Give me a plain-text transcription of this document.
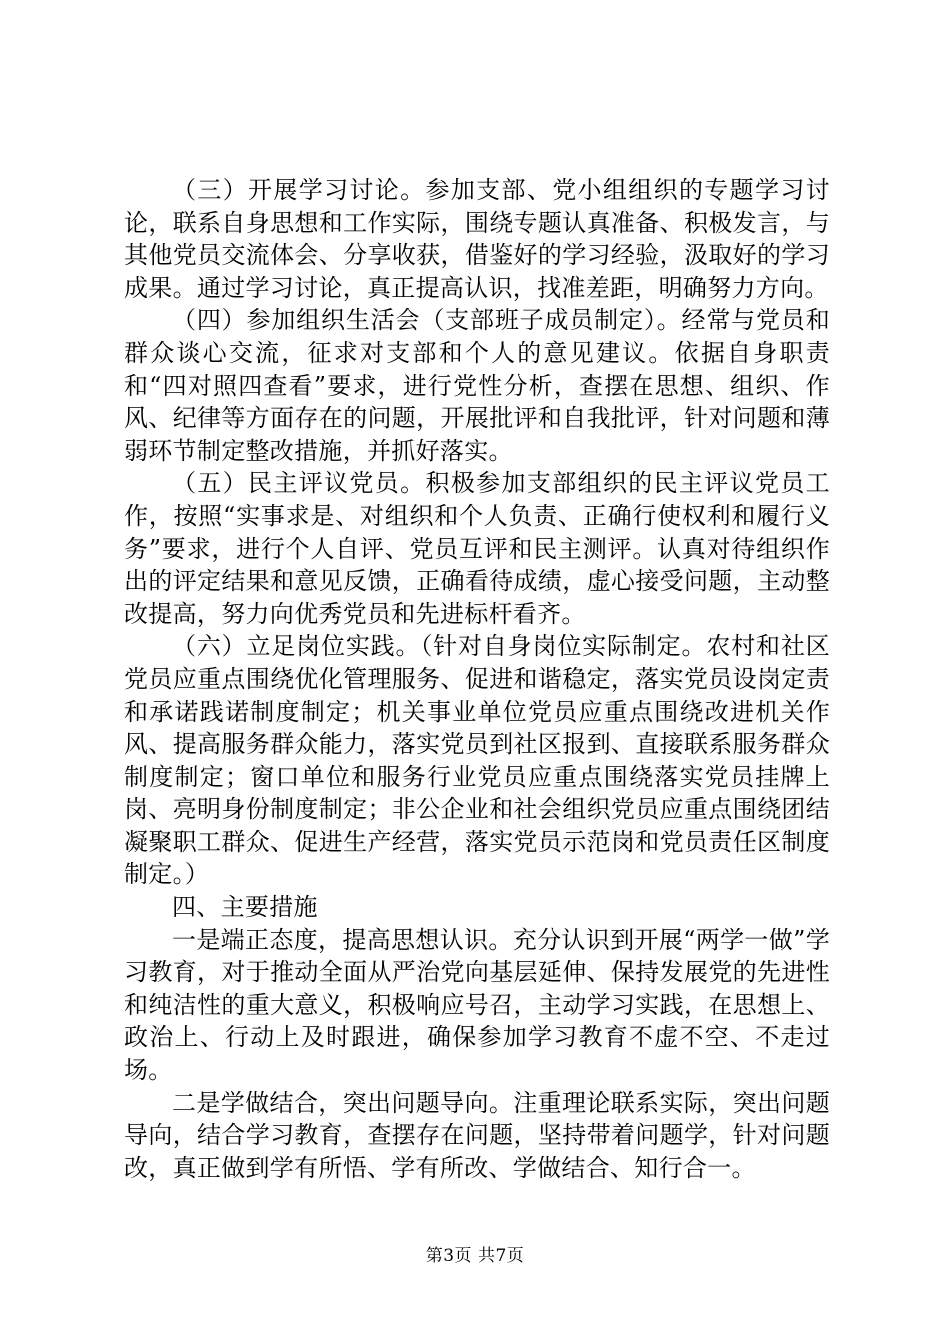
（三）开展学习讨论。参加支部、党小组组织的专题学习讨论，联系自身思想和工作实际，围绕专题认真准备、积极发言，与其他党员交流体会、分享收获，借鉴好的学习经验，汲取好的学习成果。通过学习讨论，真正提高认识，找准差距，明确努力方向。

（四）参加组织生活会（支部班子成员制定）。经常与党员和群众谈心交流，征求对支部和个人的意见建议。依据自身职责和“四对照四查看”要求，进行党性分析，查摆在思想、组织、作风、纪律等方面存在的问题，开展批评和自我批评，针对问题和薄弱环节制定整改措施，并抓好落实。

（五）民主评议党员。积极参加支部组织的民主评议党员工作，按照“实事求是、对组织和个人负责、正确行使权利和履行义务”要求，进行个人自评、党员互评和民主测评。认真对待组织作出的评定结果和意见反馈，正确看待成绩，虚心接受问题，主动整改提高，努力向优秀党员和先进标杆看齐。

（六）立足岗位实践。（针对自身岗位实际制定。农村和社区党员应重点围绕优化管理服务、促进和谐稳定，落实党员设岗定责和承诺践诺制度制定；机关事业单位党员应重点围绕改进机关作风、提高服务群众能力，落实党员到社区报到、直接联系服务群众制度制定；窗口单位和服务行业党员应重点围绕落实党员挂牌上岗、亮明身份制度制定；非公企业和社会组织党员应重点围绕团结凝聚职工群众、促进生产经营，落实党员示范岗和党员责任区制度制定。）

四、主要措施

一是端正态度，提高思想认识。充分认识到开展“两学一做”学习教育，对于推动全面从严治党向基层延伸、保持发展党的先进性和纯洁性的重大意义，积极响应号召，主动学习实践，在思想上、政治上、行动上及时跟进，确保参加学习教育不虚不空、不走过场。

二是学做结合，突出问题导向。注重理论联系实际，突出问题导向，结合学习教育，查摆存在问题，坚持带着问题学，针对问题改，真正做到学有所悟、学有所改、学做结合、知行合一。

第3页 共7页
